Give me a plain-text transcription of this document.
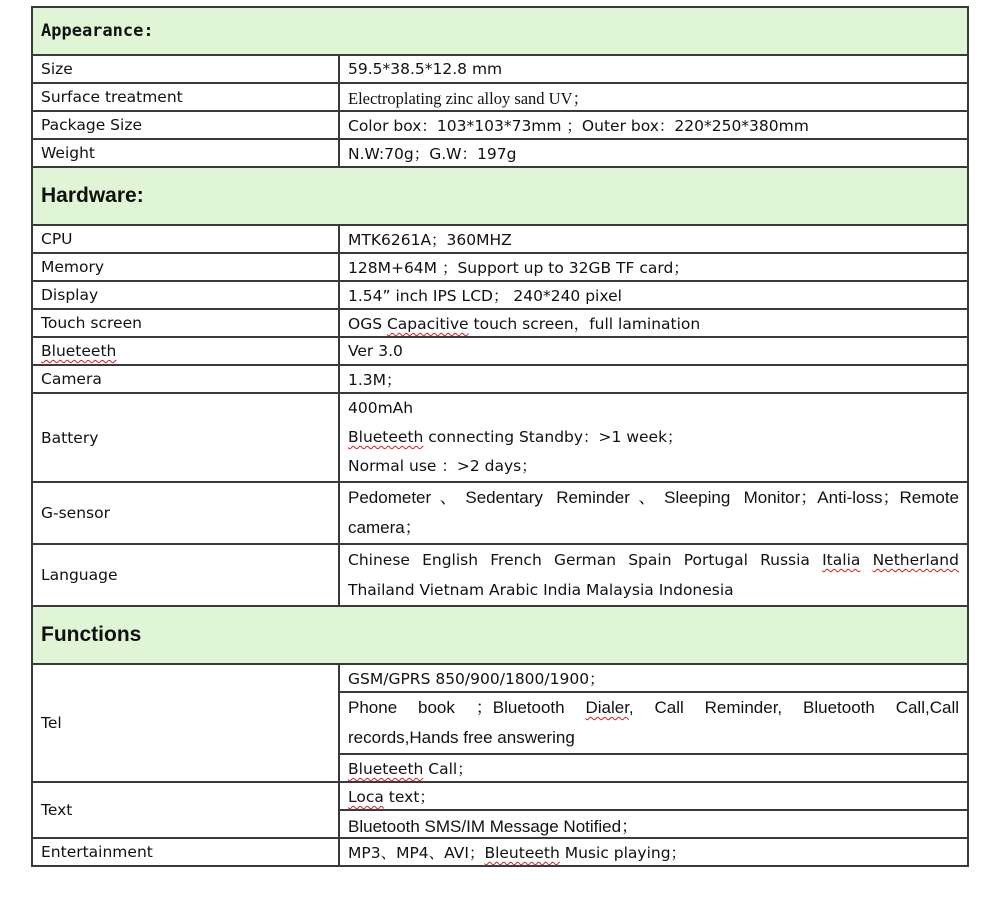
Appearance:	
Size	59.5*38.5*12.8 mm
Surface treatment	Electroplating zinc alloy sand UV；
Package Size	Color box：103*103*73mm ；Outer box：220*250*380mm
Weight	N.W:70g；G.W：197g
Hardware:	
CPU	MTK6261A；360MHZ
Memory	128M+64M ；Support up to 32GB TF card；
Display	1.54” inch IPS LCD； 240*240 pixel
Touch screen	OGS Capacitive touch screen，full lamination
Blueteeth	Ver 3.0
Camera	1.3M；
Battery	400mAh
Blueteeth connecting Standby：>1 week；
Normal use ：>2 days；

G-sensor	Pedometer、Sedentary Reminder、Sleeping Monitor；Anti-loss；Remote camera；
Language	Chinese English French German Spain Portugal Russia Italia Netherland Thailand Vietnam Arabic India Malaysia Indonesia
Functions	
Tel	GSM/GPRS 850/900/1800/1900；
	Phone book ；Bluetooth Dialer, Call Reminder, Bluetooth Call,Call records,Hands free answering
	Blueteeth Call；
Text	Loca text；
	Bluetooth SMS/IM Message Notified；
Entertainment	MP3、MP4、AVI；Bleuteeth Music playing；
